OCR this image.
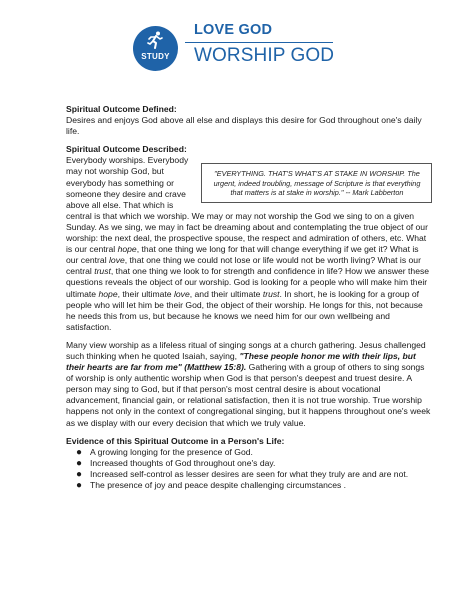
STUDY
LOVE GOD
WORSHIP GOD
Spiritual Outcome Defined:
Desires and enjoys God above all else and displays this desire for God throughout one's daily life.
Spiritual Outcome Described:
"EVERYTHING. THAT'S WHAT'S AT STAKE IN WORSHIP. The urgent, indeed troubling, message of Scripture is that everything that matters is at stake in worship." -- Mark Labberton
Everybody worships. Everybody may not worship God, but everybody has something or someone they desire and crave above all else. That which is central is that which we worship. We may or may not worship the God we sing to on a given Sunday. As we sing, we may in fact be dreaming about and contemplating the true object of our worship: the next deal, the prospective spouse, the respect and admiration of others, etc. What is our central hope, that one thing we long for that will change everything if we get it? What is our central love, that one thing we could not lose or life would not be worth living? What is our central trust, that one thing we look to for strength and confidence in life? How we answer these questions reveals the object of our worship. God is looking for a people who will make him their ultimate hope, their ultimate love, and their ultimate trust. In short, he is looking for a group of people who will let him be their God, the object of their worship. He longs for this, not because he needs this from us, but because he knows we need him for our own wellbeing and satisfaction.
Many view worship as a lifeless ritual of singing songs at a church gathering. Jesus challenged such thinking when he quoted Isaiah, saying, "These people honor me with their lips, but their hearts are far from me" (Matthew 15:8). Gathering with a group of others to sing songs of worship is only authentic worship when God is that person's deepest and truest desire. A person may sing to God, but if that person's most central desire is about vocational advancement, financial gain, or relational satisfaction, then it is not true worship. True worship happens not only in the context of congregational singing, but it happens throughout one's week as we display with our every decision that which we truly value.
Evidence of this Spiritual Outcome in a Person's Life:
● A growing longing for the presence of God.
● Increased thoughts of God throughout one's day.
● Increased self-control as lesser desires are seen for what they truly are and are not.
● The presence of joy and peace despite challenging circumstances .
